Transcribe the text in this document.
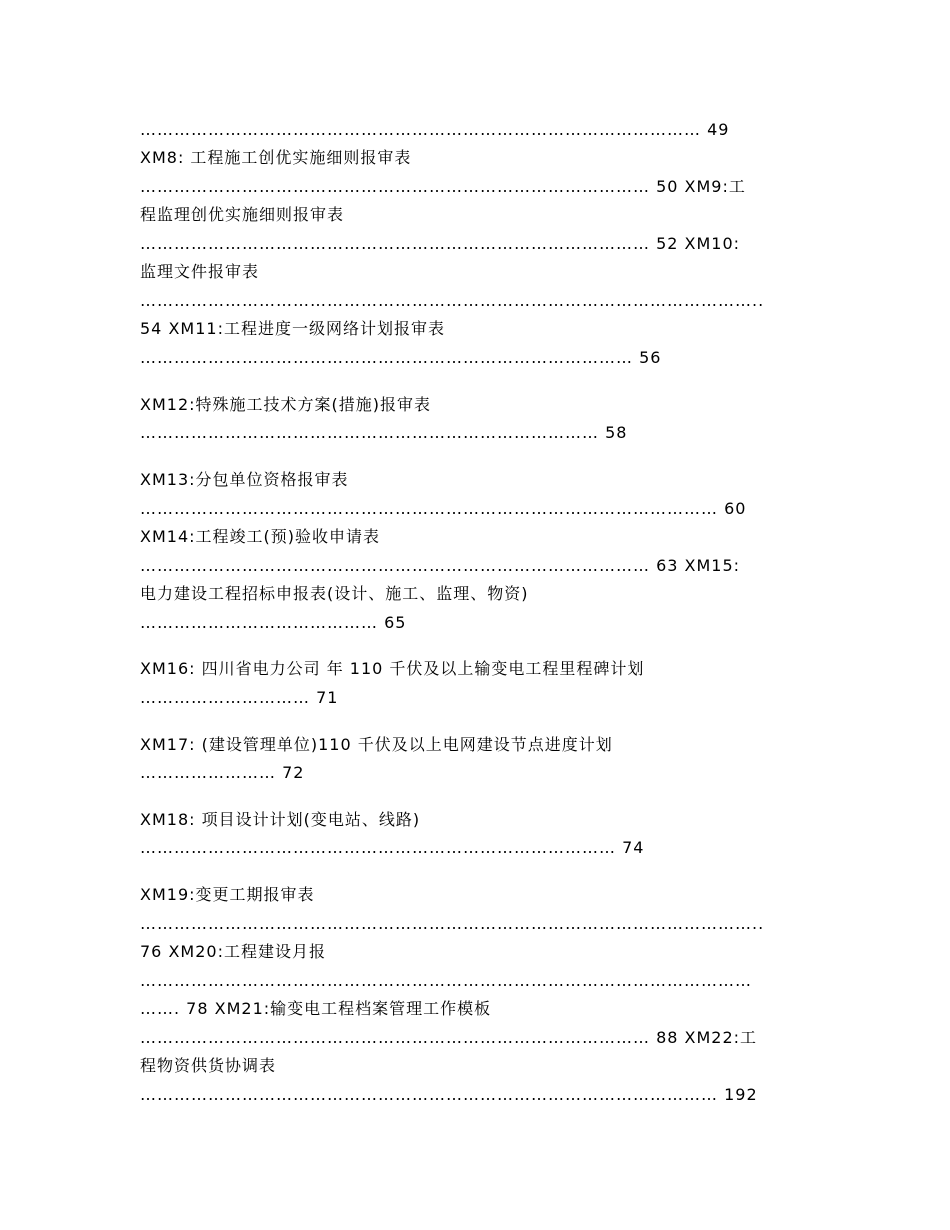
……………………………………………………………………………………… 49
XM8: 工程施工创优实施细则报审表
……………………………………………………………………………… 50 XM9:工
程监理创优实施细则报审表
……………………………………………………………………………… 52 XM10:
监理文件报审表
………………………………………………………………………………………………..
54 XM11:工程进度一级网络计划报审表
…………………………………………………………………………… 56
XM12:特殊施工技术方案(措施)报审表
……………………………………………………………………… 58
XM13:分包单位资格报审表
………………………………………………………………………………………… 60
XM14:工程竣工(预)验收申请表
……………………………………………………………………………… 63 XM15:
电力建设工程招标申报表(设计、施工、监理、物资)
…………………………………… 65
XM16: 四川省电力公司 年 110 千伏及以上输变电工程里程碑计划
………………………… 71
XM17: (建设管理单位)110 千伏及以上电网建设节点进度计划
…………………… 72
XM18: 项目设计计划(变电站、线路)
………………………………………………………………………… 74
XM19:变更工期报审表
………………………………………………………………………………………………..
76 XM20:工程建设月报
………………………………………………………………………………………………
……. 78 XM21:输变电工程档案管理工作模板
……………………………………………………………………………… 88 XM22:工
程物资供货协调表
………………………………………………………………………………………… 192
